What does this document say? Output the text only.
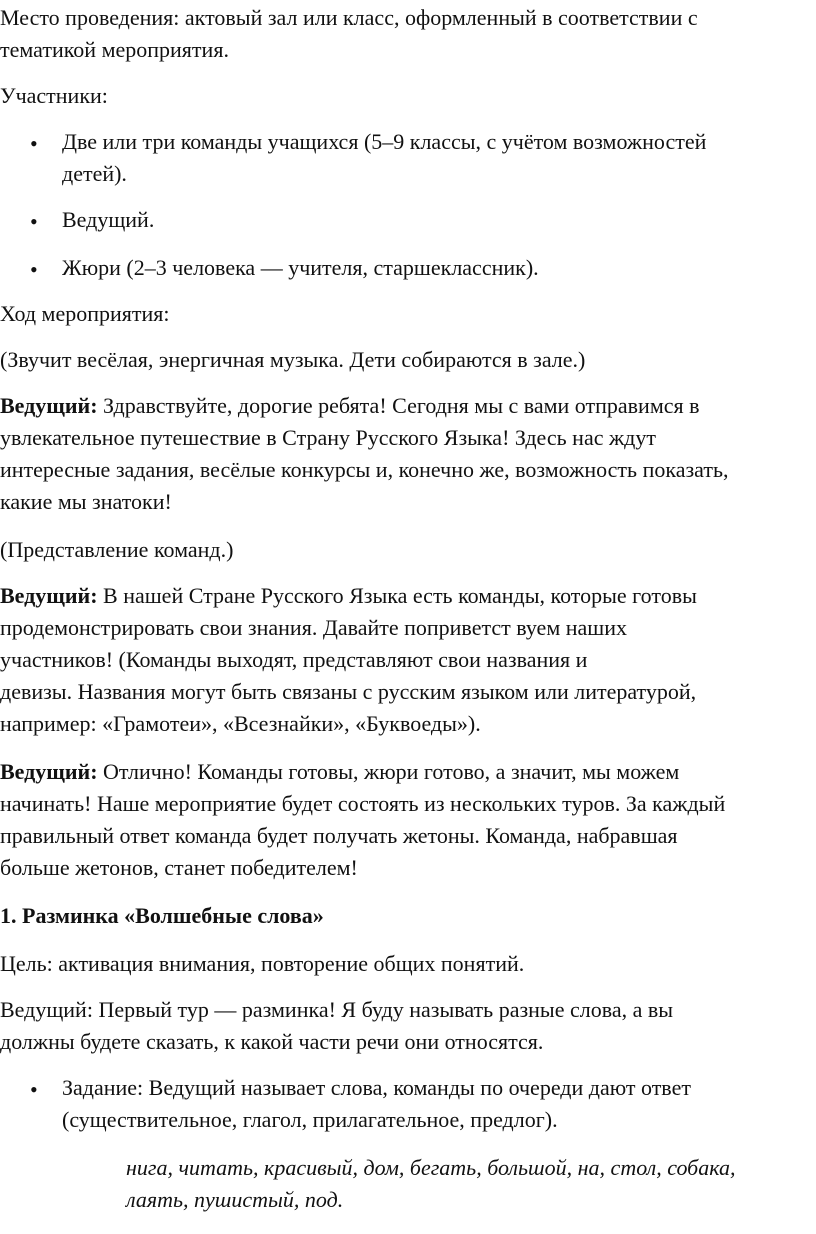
Место проведения: актовый зал или класс, оформленный в соответствии с
тематикой мероприятия.
Участники:
• Две или три команды учащихся (5–9 классы, с учётом возможностей
детей).
• Ведущий.
• Жюри (2–3 человека — учителя, старшеклассник).
Ход мероприятия:
(Звучит весёлая, энергичная музыка. Дети собираются в зале.)
Ведущий: Здравствуйте, дорогие ребята! Сегодня мы с вами отправимся в
увлекательное путешествие в Страну Русского Языка! Здесь нас ждут
интересные задания, весёлые конкурсы и, конечно же, возможность показать,
какие мы знатоки!
(Представление команд.)
Ведущий: В нашей Стране Русского Языка есть команды, которые готовы
продемонстрировать свои знания. Давайте поприветст вуем наших
участников! (Команды выходят, представляют свои названия и
девизы. Названия могут быть связаны с русским языком или литературой,
например: «Грамотеи», «Всезнайки», «Буквоеды»).
Ведущий: Отлично! Команды готовы, жюри готово, а значит, мы можем
начинать! Наше мероприятие будет состоять из нескольких туров. За каждый
правильный ответ команда будет получать жетоны. Команда, набравшая
больше жетонов, станет победителем!
1. Разминка «Волшебные слова»
Цель: активация внимания, повторение общих понятий.
Ведущий: Первый тур — разминка! Я буду называть разные слова, а вы
должны будете сказать, к какой части речи они относятся.
• Задание: Ведущий называет слова, команды по очереди дают ответ
(существительное, глагол, прилагательное, предлог).
нига, читать, красивый, дом, бегать, большой, на, стол, собака,
лаять, пушистый, под.
